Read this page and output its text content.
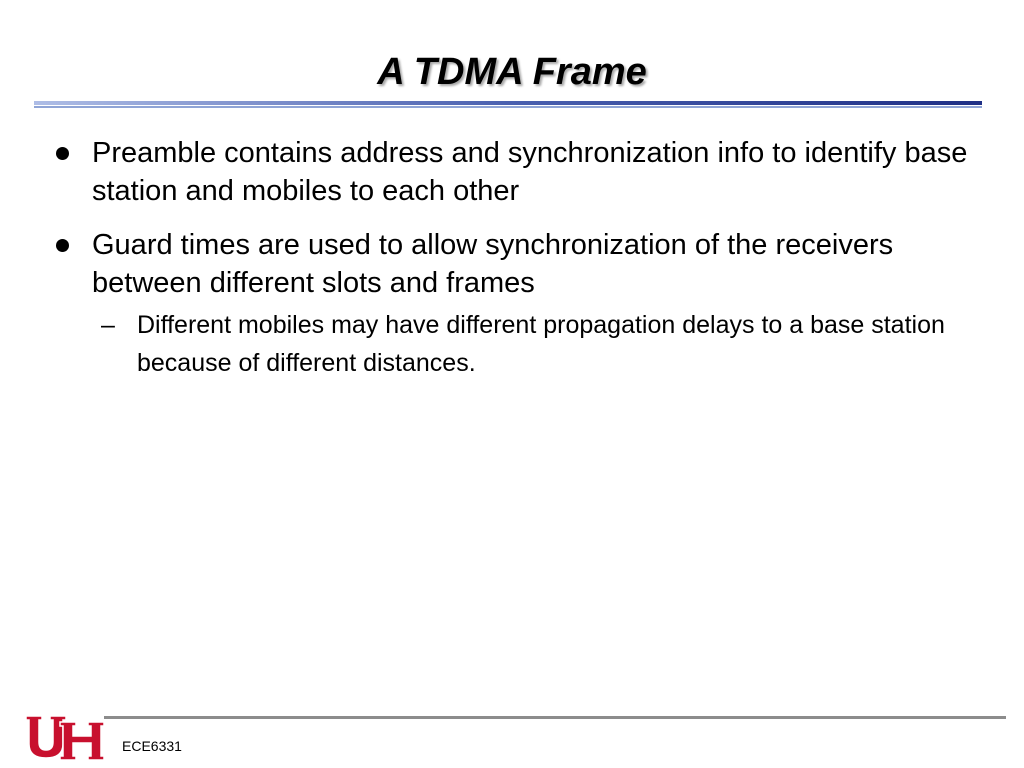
A TDMA Frame
Preamble contains address and synchronization info to identify base station and mobiles to each other
Guard times are used to allow synchronization of the receivers between different slots and frames
– Different mobiles may have different propagation delays to a base station because of different distances.
ECE6331
